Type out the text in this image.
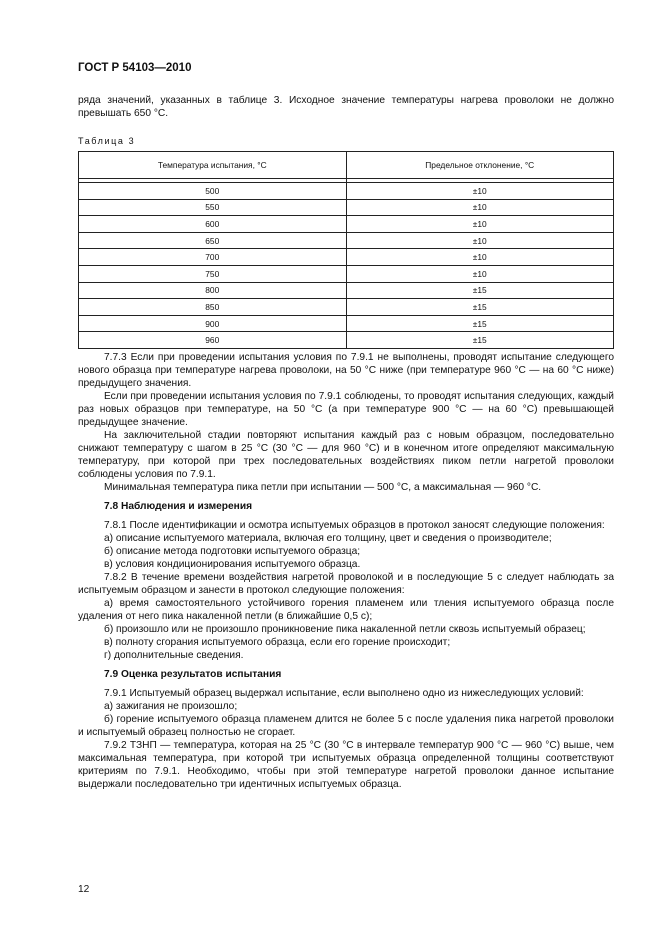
ГОСТ Р 54103—2010

ряда значений, указанных в таблице 3. Исходное значение температуры нагрева проволоки не должно превышать 650 °С.

Таблица 3
Температура испытания, °С	Предельное отклонение, °С

500	±10
550	±10
600	±10
650	±10
700	±10
750	±10
800	±15
850	±15
900	±15
960	±15

7.7.3 Если при проведении испытания условия по 7.9.1 не выполнены, проводят испытание следующего нового образца при температуре нагрева проволоки, на 50 °С ниже (при температуре 960 °С — на 60 °С ниже) предыдущего значения.

Если при проведении испытания условия по 7.9.1 соблюдены, то проводят испытания следующих, каждый раз новых образцов при температуре, на 50 °С (а при температуре 900 °С — на 60 °С) превышающей предыдущее значение.

На заключительной стадии повторяют испытания каждый раз с новым образцом, последовательно снижают температуру с шагом в 25 °С (30 °С — для 960 °С) и в конечном итоге определяют максимальную температуру, при которой при трех последовательных воздействиях пиком петли нагретой проволоки соблюдены условия по 7.9.1.

Минимальная температура пика петли при испытании — 500 °С, а максимальная — 960 °С.

7.8 Наблюдения и измерения

7.8.1 После идентификации и осмотра испытуемых образцов в протокол заносят следующие положения:

а) описание испытуемого материала, включая его толщину, цвет и сведения о производителе;

б) описание метода подготовки испытуемого образца;

в) условия кондиционирования испытуемого образца.

7.8.2 В течение времени воздействия нагретой проволокой и в последующие 5 с следует наблюдать за испытуемым образцом и занести в протокол следующие положения:

а) время самостоятельного устойчивого горения пламенем или тления испытуемого образца после удаления от него пика накаленной петли (в ближайшие 0,5 с);

б) произошло или не произошло проникновение пика накаленной петли сквозь испытуемый образец;

в) полноту сгорания испытуемого образца, если его горение происходит;

г) дополнительные сведения.

7.9 Оценка результатов испытания

7.9.1 Испытуемый образец выдержал испытание, если выполнено одно из нижеследующих условий:

а) зажигания не произошло;

б) горение испытуемого образца пламенем длится не более 5 с после удаления пика нагретой проволоки и испытуемый образец полностью не сгорает.

7.9.2 ТЗНП — температура, которая на 25 °С (30 °С в интервале температур 900 °С — 960 °С) выше, чем максимальная температура, при которой три испытуемых образца определенной толщины соответствуют критериям по 7.9.1. Необходимо, чтобы при этой температуре нагретой проволоки данное испытание выдержали последовательно три идентичных испытуемых образца.

12
